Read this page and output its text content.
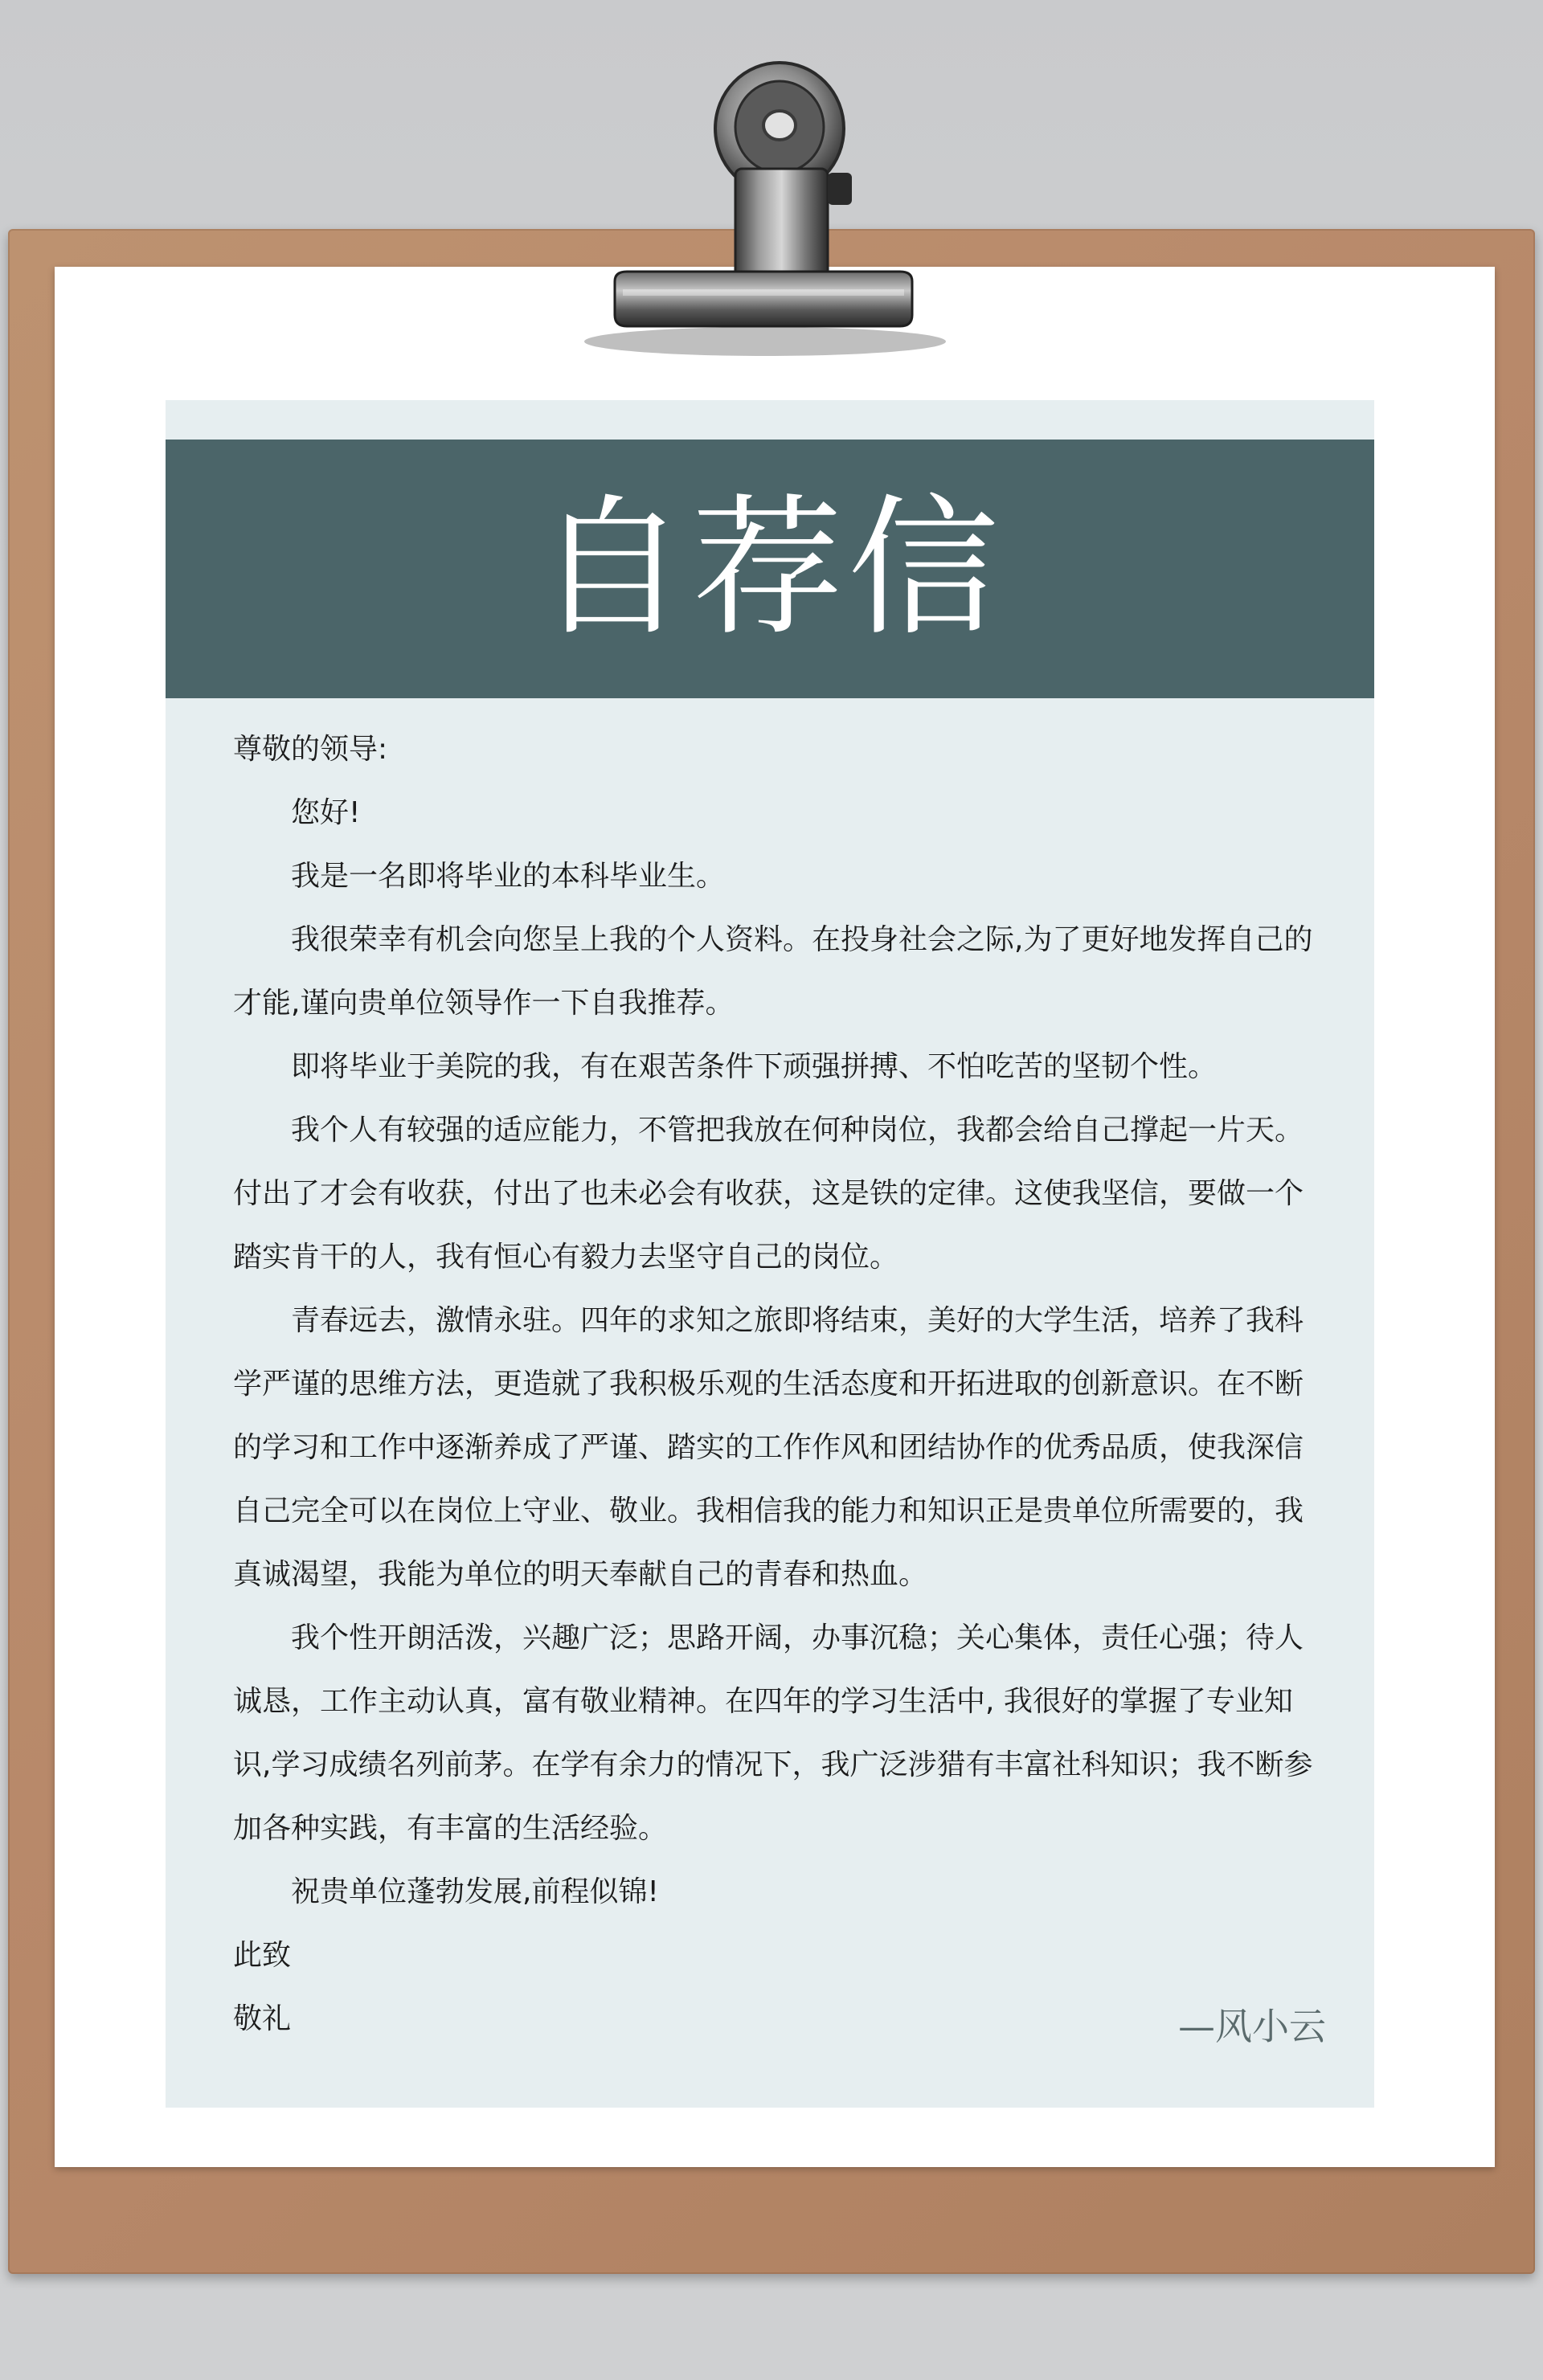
自荐信

尊敬的领导:

您好!

我是一名即将毕业的本科毕业生。

我很荣幸有机会向您呈上我的个人资料。在投身社会之际,为了更好地发挥自己的才能,谨向贵单位领导作一下自我推荐。

即将毕业于美院的我，有在艰苦条件下顽强拼搏、不怕吃苦的坚韧个性。

我个人有较强的适应能力，不管把我放在何种岗位，我都会给自己撑起一片天。付出了才会有收获，付出了也未必会有收获，这是铁的定律。这使我坚信，要做一个踏实肯干的人，我有恒心有毅力去坚守自己的岗位。

青春远去，激情永驻。四年的求知之旅即将结束，美好的大学生活，培养了我科学严谨的思维方法，更造就了我积极乐观的生活态度和开拓进取的创新意识。在不断的学习和工作中逐渐养成了严谨、踏实的工作作风和团结协作的优秀品质，使我深信自己完全可以在岗位上守业、敬业。我相信我的能力和知识正是贵单位所需要的，我真诚渴望，我能为单位的明天奉献自己的青春和热血。

我个性开朗活泼，兴趣广泛；思路开阔，办事沉稳；关心集体，责任心强；待人诚恳，工作主动认真，富有敬业精神。在四年的学习生活中, 我很好的掌握了专业知识,学习成绩名列前茅。在学有余力的情况下，我广泛涉猎有丰富社科知识；我不断参加各种实践，有丰富的生活经验。

祝贵单位蓬勃发展,前程似锦!

此致

敬礼	—风小云
